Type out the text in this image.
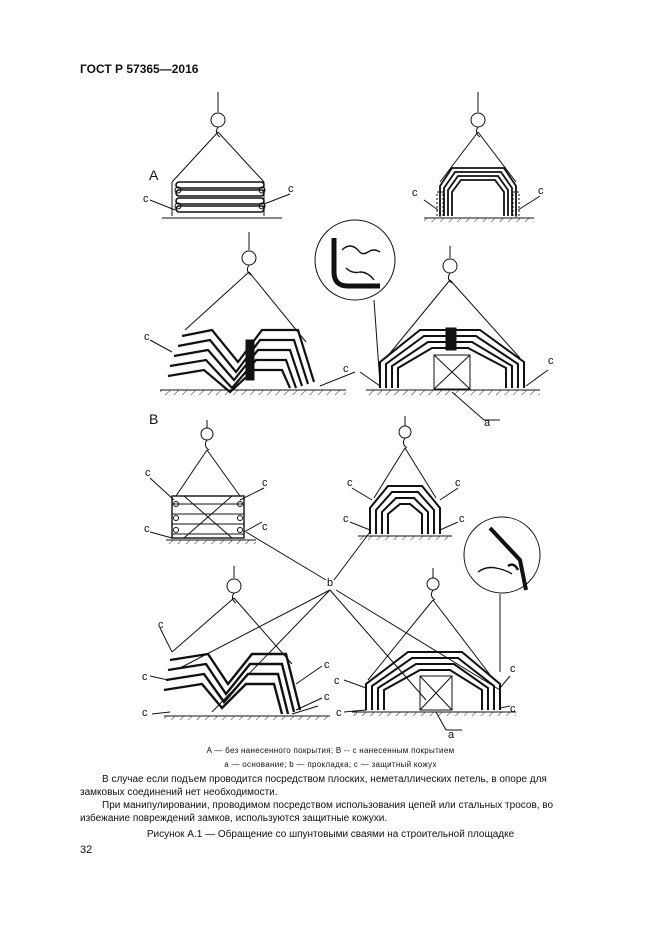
ГОСТ Р 57365—2016
А
В
c
c	c	c
c
c
c
a
c
c
c	c
c	c
c	c
b
c
c
c
c
c
c
c
c
c
a
A — без нанесенного покрытия; В -- с нанесенным покрытием
a — основание; b — прокладка; c — защитный кожух
В случае если подъем проводится посредством плоских, неметаллических петель, в опоре для замковых соединений нет необходимости.
При манипулировании, проводимом посредством использования цепей или стальных тросов, во избежание повреждений замков, используются защитные кожухи.
Рисунок А.1 — Обращение со шпунтовыми сваями на строительной площадке
32
